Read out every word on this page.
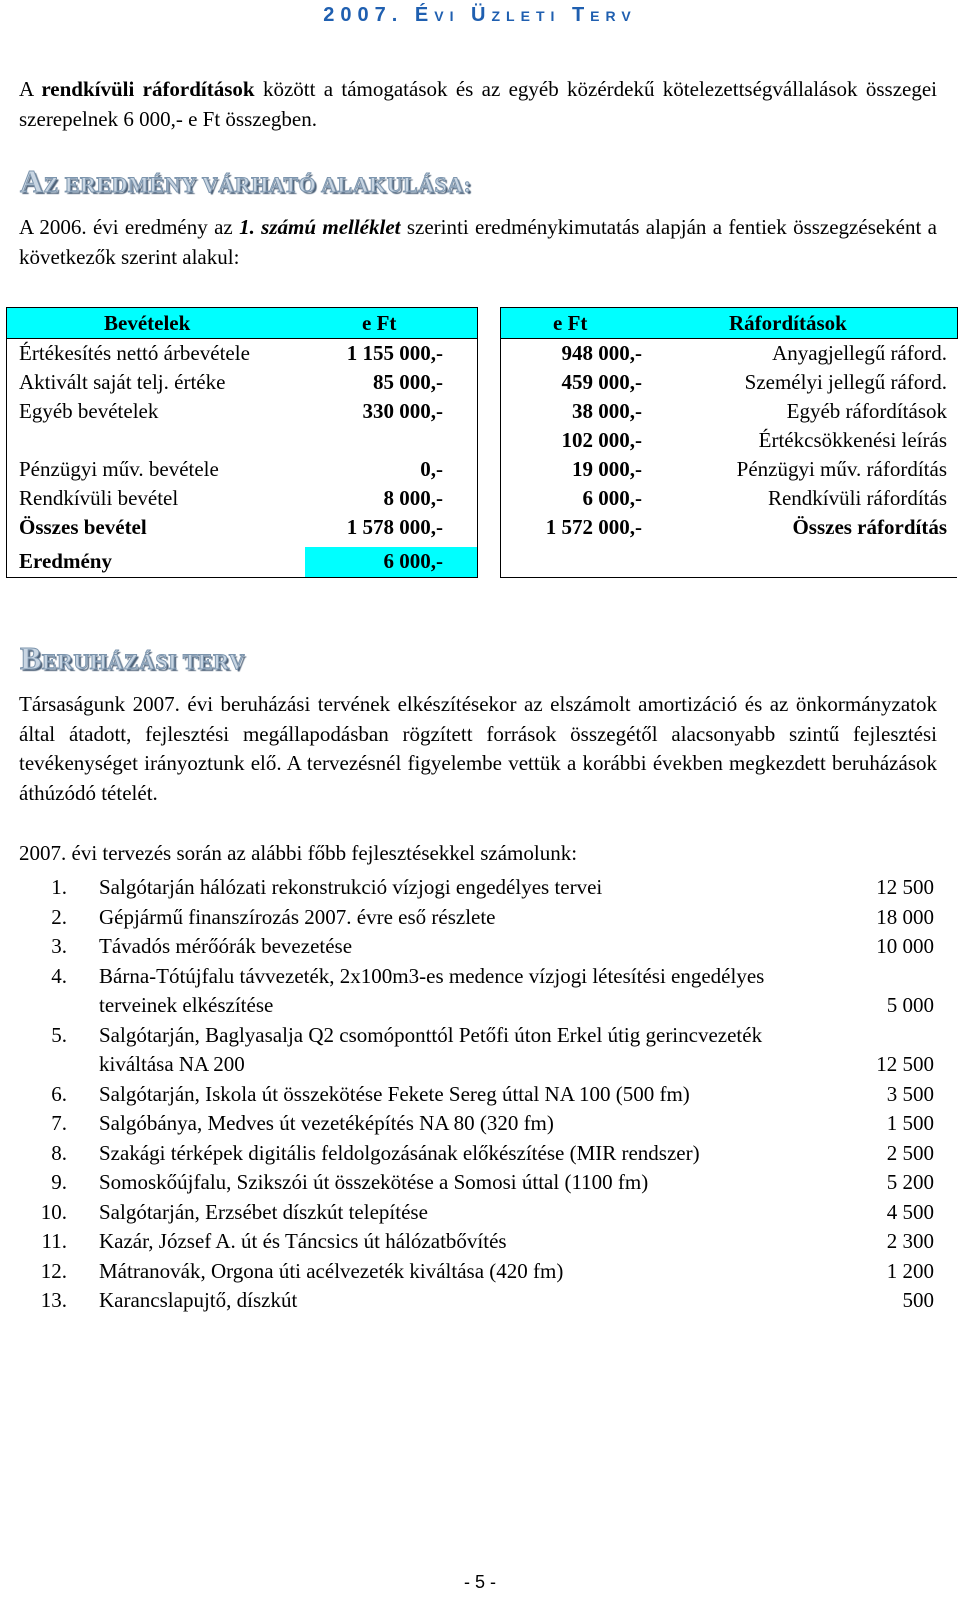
2007. ÉVI ÜZLETI TERV
A rendkívüli ráfordítások között a támogatások és az egyéb közérdekű kötelezettségvállalások összegei szerepelnek 6 000,- e Ft összegben.
AZ EREDMÉNY VÁRHATÓ ALAKULÁSA:
A 2006. évi eredmény az 1. számú melléklet szerinti eredménykimutatás alapján a fentiek összegzéseként a következők szerint alakul:
Bevételek	e Ft
Értékesítés nettó árbevétele	1 155 000,-
Aktivált saját telj. értéke	85 000,-
Egyéb bevételek	330 000,-
Pénzügyi műv. bevétele	0,-
Rendkívüli bevétel	8 000,-
Összes bevétel	1 578 000,-
Eredmény	6 000,-
e Ft	Ráfordítások
948 000,-	Anyagjellegű ráford.
459 000,-	Személyi jellegű ráford.
38 000,-	Egyéb ráfordítások
102 000,-	Értékcsökkenési leírás
19 000,-	Pénzügyi műv. ráfordítás
6 000,-	Rendkívüli ráfordítás
1 572 000,-	Összes ráfordítás
BERUHÁZÁSI TERV
Társaságunk 2007. évi beruházási tervének elkészítésekor az elszámolt amortizáció és az önkormányzatok által átadott, fejlesztési megállapodásban rögzített források összegétől alacsonyabb szintű fejlesztési tevékenységet irányoztunk elő. A tervezésnél figyelembe vettük a korábbi években megkezdett beruházások áthúzódó tételét.
2007. évi tervezés során az alábbi főbb fejlesztésekkel számolunk:
1. Salgótarján hálózati rekonstrukció vízjogi engedélyes tervei	12 500
2. Gépjármű finanszírozás 2007. évre eső részlete	18 000
3. Távadós mérőórák bevezetése	10 000
4. Bárna-Tótújfalu távvezeték, 2x100m3-es medence vízjogi létesítési engedélyes terveinek elkészítése	5 000
5. Salgótarján, Baglyasalja Q2 csomóponttól Petőfi úton Erkel útig gerincvezeték kiváltása NA 200	12 500
6. Salgótarján, Iskola út összekötése Fekete Sereg úttal NA 100 (500 fm)	3 500
7. Salgóbánya, Medves út vezetéképítés NA 80 (320 fm)	1 500
8. Szakági térképek digitális feldolgozásának előkészítése (MIR rendszer)	2 500
9. Somoskőújfalu, Szikszói út összekötése a Somosi úttal (1100 fm)	5 200
10. Salgótarján, Erzsébet díszkút telepítése	4 500
11. Kazár, József A. út és Táncsics út hálózatbővítés	2 300
12. Mátranovák, Orgona úti acélvezeték kiváltása (420 fm)	1 200
13. Karancslapujtő, díszkút	500
- 5 -
